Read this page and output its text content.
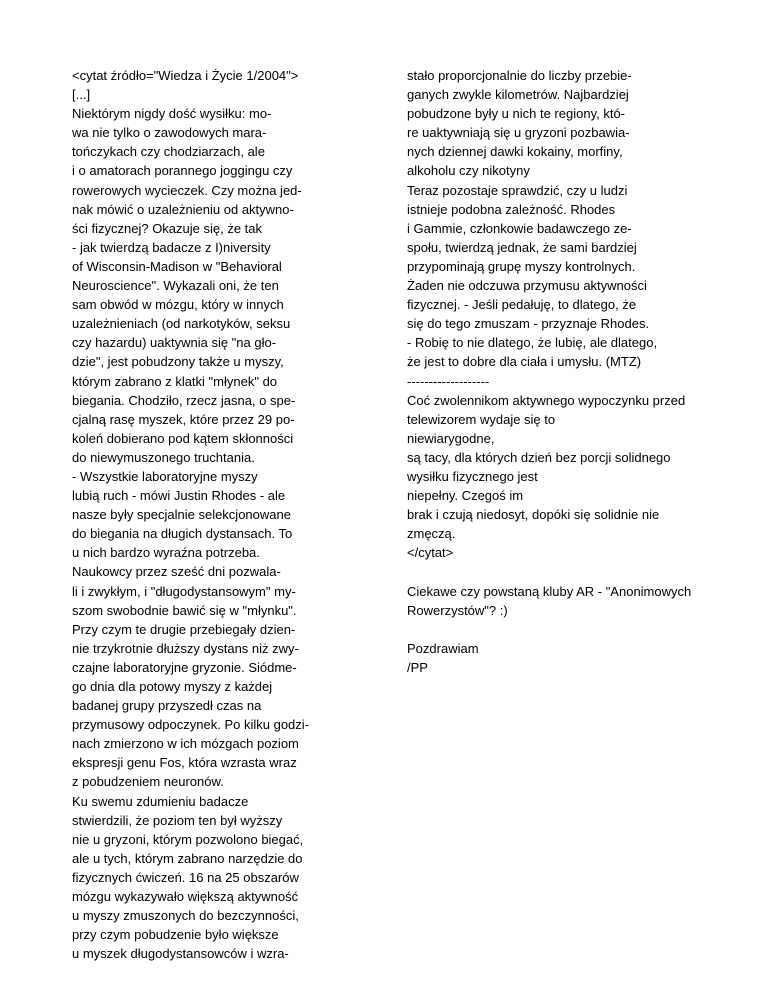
<cytat źródło="Wiedza i Życie 1/2004">
[...]
Niektórym nigdy dość wysiłku: mo-
wa nie tylko o zawodowych mara-
tończykach czy chodziarzach, ale
i o amatorach porannego joggingu czy
rowerowych wycieczek. Czy można jed-
nak mówić o uzależnieniu od aktywno-
ści fizycznej? Okazuje się, że tak
- jak twierdzą badacze z I)niversity
of Wisconsin-Madison w "Behavioral
Neuroscience". Wykazali oni, że ten
sam obwód w mózgu, który w innych
uzależnieniach (od narkotyków, seksu
czy hazardu) uaktywnia się "na gło-
dzie", jest pobudzony także u myszy,
którym zabrano z klatki "młynek" do
biegania. Chodziło, rzecz jasna, o spe-
cjalną rasę myszek, które przez 29 po-
koleń dobierano pod kątem skłonności
do niewymuszonego truchtania.
- Wszystkie laboratoryjne myszy
lubią ruch - mówi Justin Rhodes - ale
nasze były specjalnie selekcjonowane
do biegania na długich dystansach. To
u nich bardzo wyraźna potrzeba.
Naukowcy przez sześć dni pozwala-
li i zwykłym, i "długodystansowym" my-
szom swobodnie bawić się w "młynku".
Przy czym te drugie przebiegały dzien-
nie trzykrotnie dłuższy dystans niż zwy-
czajne laboratoryjne gryzonie. Siódme-
go dnia dla potowy myszy z każdej
badanej grupy przyszedł czas na
przymusowy odpoczynek. Po kilku godzi-
nach zmierzono w ich mózgach poziom
ekspresji genu Fos, która wzrasta wraz
z pobudzeniem neuronów.
Ku swemu zdumieniu badacze
stwierdzili, że poziom ten był wyższy
nie u gryzoni, którym pozwolono biegać,
ale u tych, którym zabrano narzędzie do
fizycznych ćwiczeń. 16 na 25 obszarów
mózgu wykazywało większą aktywność
u myszy zmuszonych do bezczynności,
przy czym pobudzenie było większe
u myszek długodystansowców i wzra-
stało proporcjonalnie do liczby przebie-
ganych zwykle kilometrów. Najbardziej
pobudzone były u nich te regiony, któ-
re uaktywniają się u gryzoni pozbawia-
nych dziennej dawki kokainy, morfiny,
alkoholu czy nikotyny
Teraz pozostaje sprawdzić, czy u ludzi
istnieje podobna zależność. Rhodes
i Gammie, członkowie badawczego ze-
społu, twierdzą jednak, że sami bardziej
przypominają grupę myszy kontrolnych.
Żaden nie odczuwa przymusu aktywności
fizycznej. - Jeśli pedałuję, to dlatego, że
się do tego zmuszam - przyznaje Rhodes.
- Robię to nie dlatego, że lubię, ale dlatego,
że jest to dobre dla ciała i umysłu. (MTZ)
-------------------
Coć zwolennikom aktywnego wypoczynku przed
telewizorem wydaje się to
niewiarygodne,
są tacy, dla których dzień bez porcji solidnego
wysiłku fizycznego jest
niepełny. Czegoś im
brak i czują niedosyt, dopóki się solidnie nie
zmęczą.
</cytat>
Ciekawe czy powstaną kluby AR - "Anonimowych
Rowerzystów"? :)
Pozdrawiam
/PP
